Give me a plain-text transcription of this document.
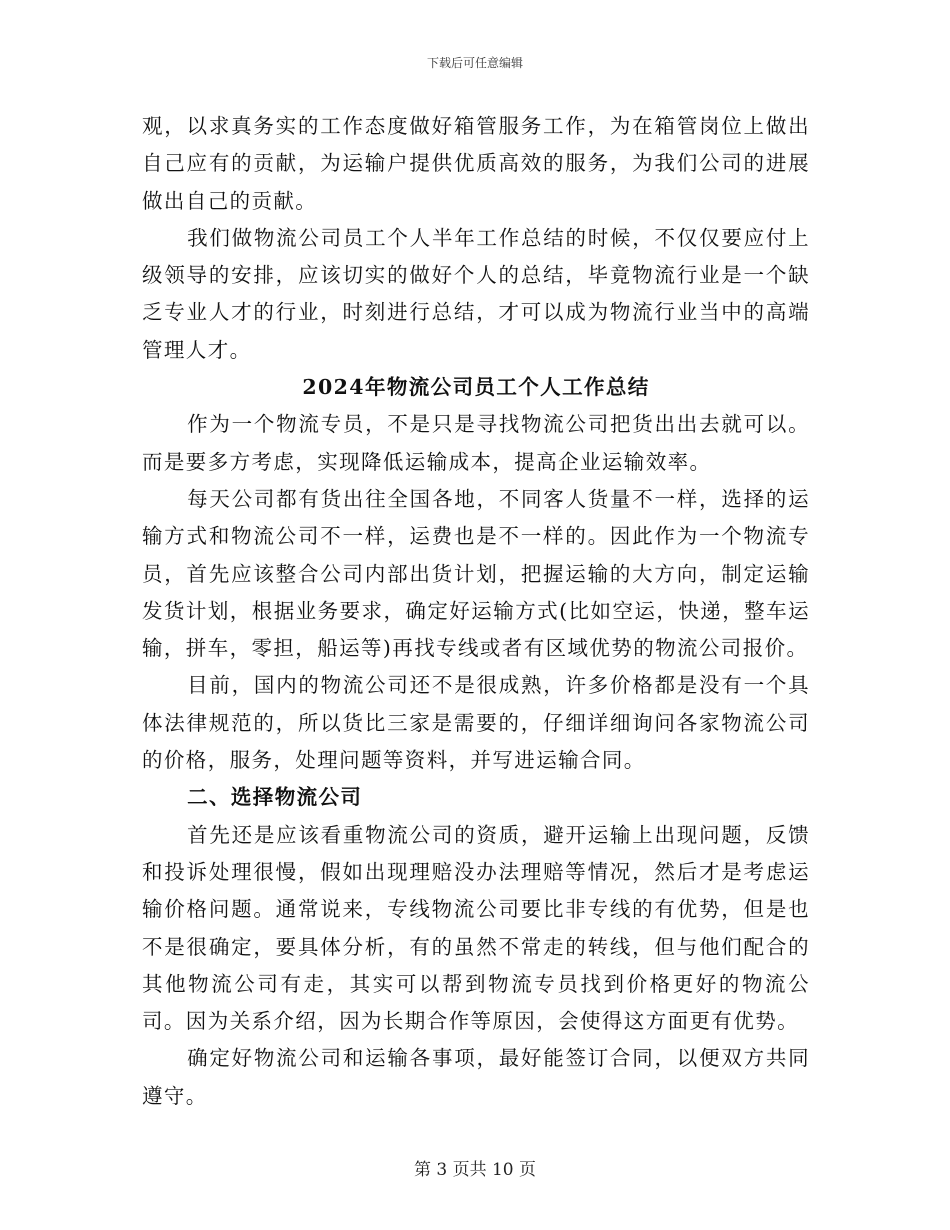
下载后可任意编辑

观，以求真务实的工作态度做好箱管服务工作，为在箱管岗位上做出自己应有的贡献，为运输户提供优质高效的服务，为我们公司的进展做出自己的贡献。

我们做物流公司员工个人半年工作总结的时候，不仅仅要应付上级领导的安排，应该切实的做好个人的总结，毕竟物流行业是一个缺乏专业人才的行业，时刻进行总结，才可以成为物流行业当中的高端管理人才。

2024年物流公司员工个人工作总结

作为一个物流专员，不是只是寻找物流公司把货出出去就可以。而是要多方考虑，实现降低运输成本，提高企业运输效率。

每天公司都有货出往全国各地，不同客人货量不一样，选择的运输方式和物流公司不一样，运费也是不一样的。因此作为一个物流专员，首先应该整合公司内部出货计划，把握运输的大方向，制定运输发货计划，根据业务要求，确定好运输方式(比如空运，快递，整车运输，拼车，零担，船运等)再找专线或者有区域优势的物流公司报价。

目前，国内的物流公司还不是很成熟，许多价格都是没有一个具体法律规范的，所以货比三家是需要的，仔细详细询问各家物流公司的价格，服务，处理问题等资料，并写进运输合同。

二、选择物流公司

首先还是应该看重物流公司的资质，避开运输上出现问题，反馈和投诉处理很慢，假如出现理赔没办法理赔等情况，然后才是考虑运输价格问题。通常说来，专线物流公司要比非专线的有优势，但是也不是很确定，要具体分析，有的虽然不常走的转线，但与他们配合的其他物流公司有走，其实可以帮到物流专员找到价格更好的物流公司。因为关系介绍，因为长期合作等原因，会使得这方面更有优势。

确定好物流公司和运输各事项，最好能签订合同，以便双方共同遵守。

第 3 页共 10 页
